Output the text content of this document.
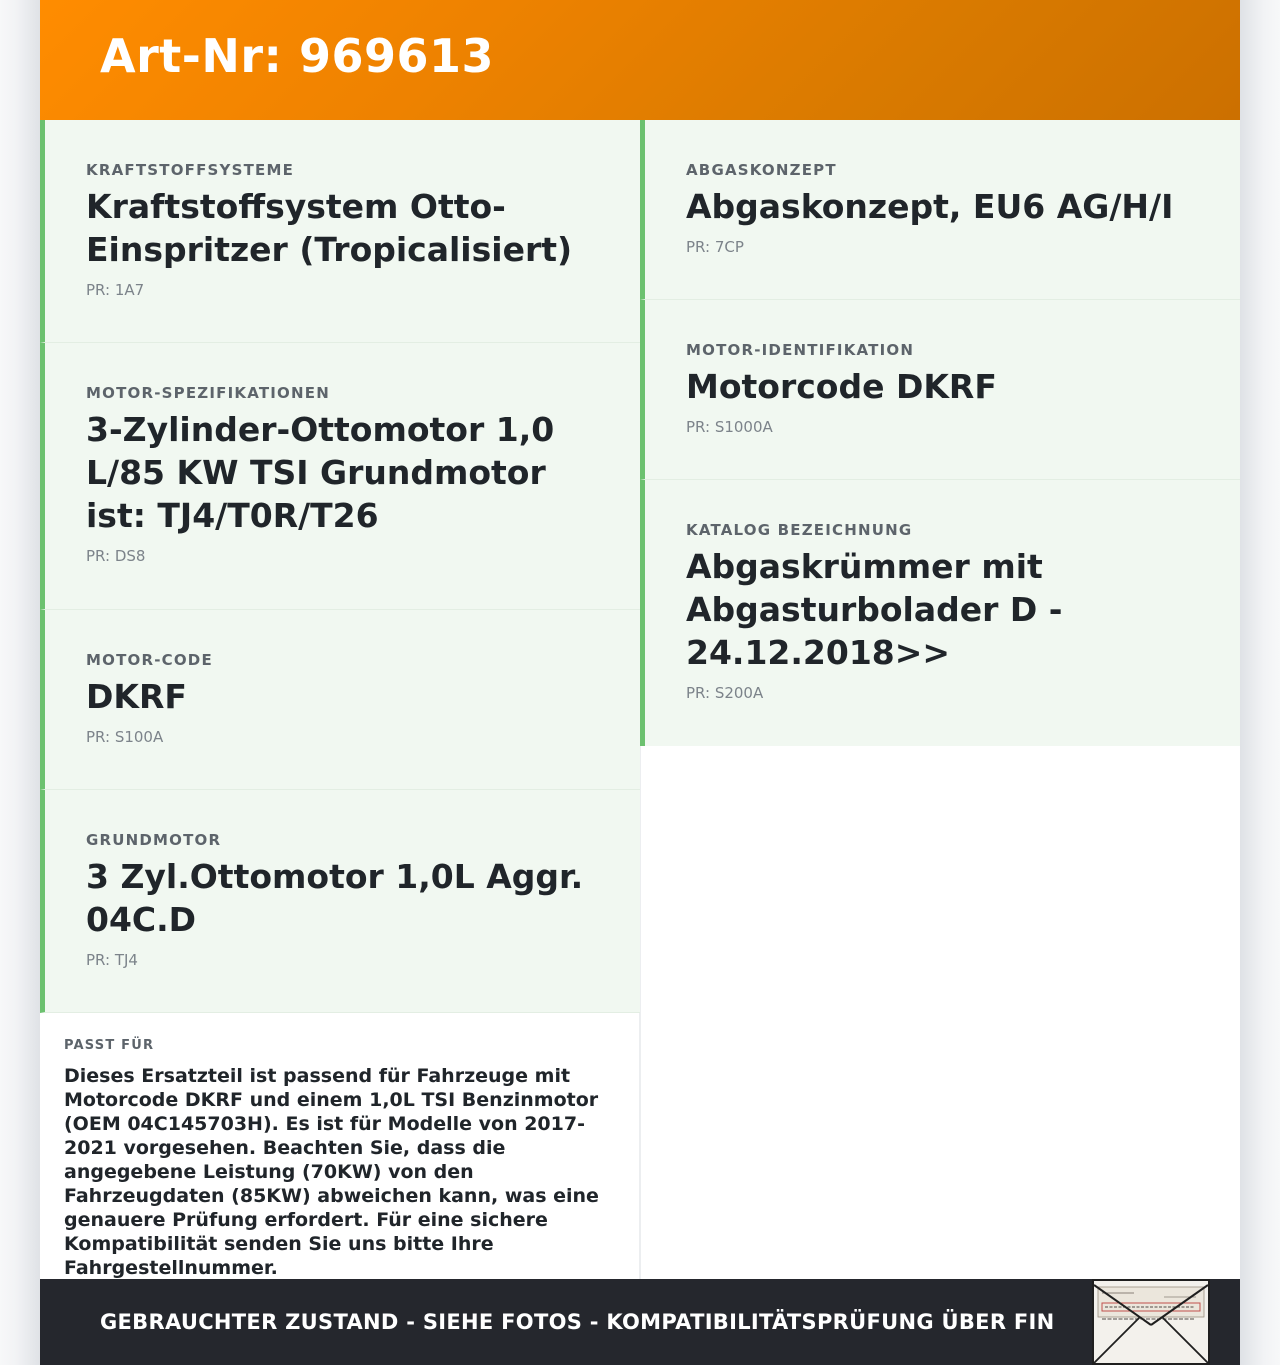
Art-Nr: 969613
KRAFTSTOFFSYSTEME
Kraftstoffsystem Otto-Einspritzer (Tropicalisiert)
PR: 1A7
MOTOR-SPEZIFIKATIONEN
3-Zylinder-Ottomotor 1,0 L/85 KW TSI Grundmotor ist: TJ4/T0R/T26
PR: DS8
MOTOR-CODE
DKRF
PR: S100A
GRUNDMOTOR
3 Zyl.Ottomotor 1,0L Aggr. 04C.D
PR: TJ4
ABGASKONZEPT
Abgaskonzept, EU6 AG/H/I
PR: 7CP
MOTOR-IDENTIFIKATION
Motorcode DKRF
PR: S1000A
KATALOG BEZEICHNUNG
Abgaskrümmer mit Abgasturbolader D - 24.12.2018>>
PR: S200A
PASST FÜR
Dieses Ersatzteil ist passend für Fahrzeuge mit Motorcode DKRF und einem 1,0L TSI Benzinmotor (OEM 04C145703H). Es ist für Modelle von 2017-2021 vorgesehen. Beachten Sie, dass die angegebene Leistung (70KW) von den Fahrzeugdaten (85KW) abweichen kann, was eine genauere Prüfung erfordert. Für eine sichere Kompatibilität senden Sie uns bitte Ihre Fahrgestellnummer.
GEBRAUCHTER ZUSTAND - SIEHE FOTOS - KOMPATIBILITÄTSPRÜFUNG ÜBER FIN
